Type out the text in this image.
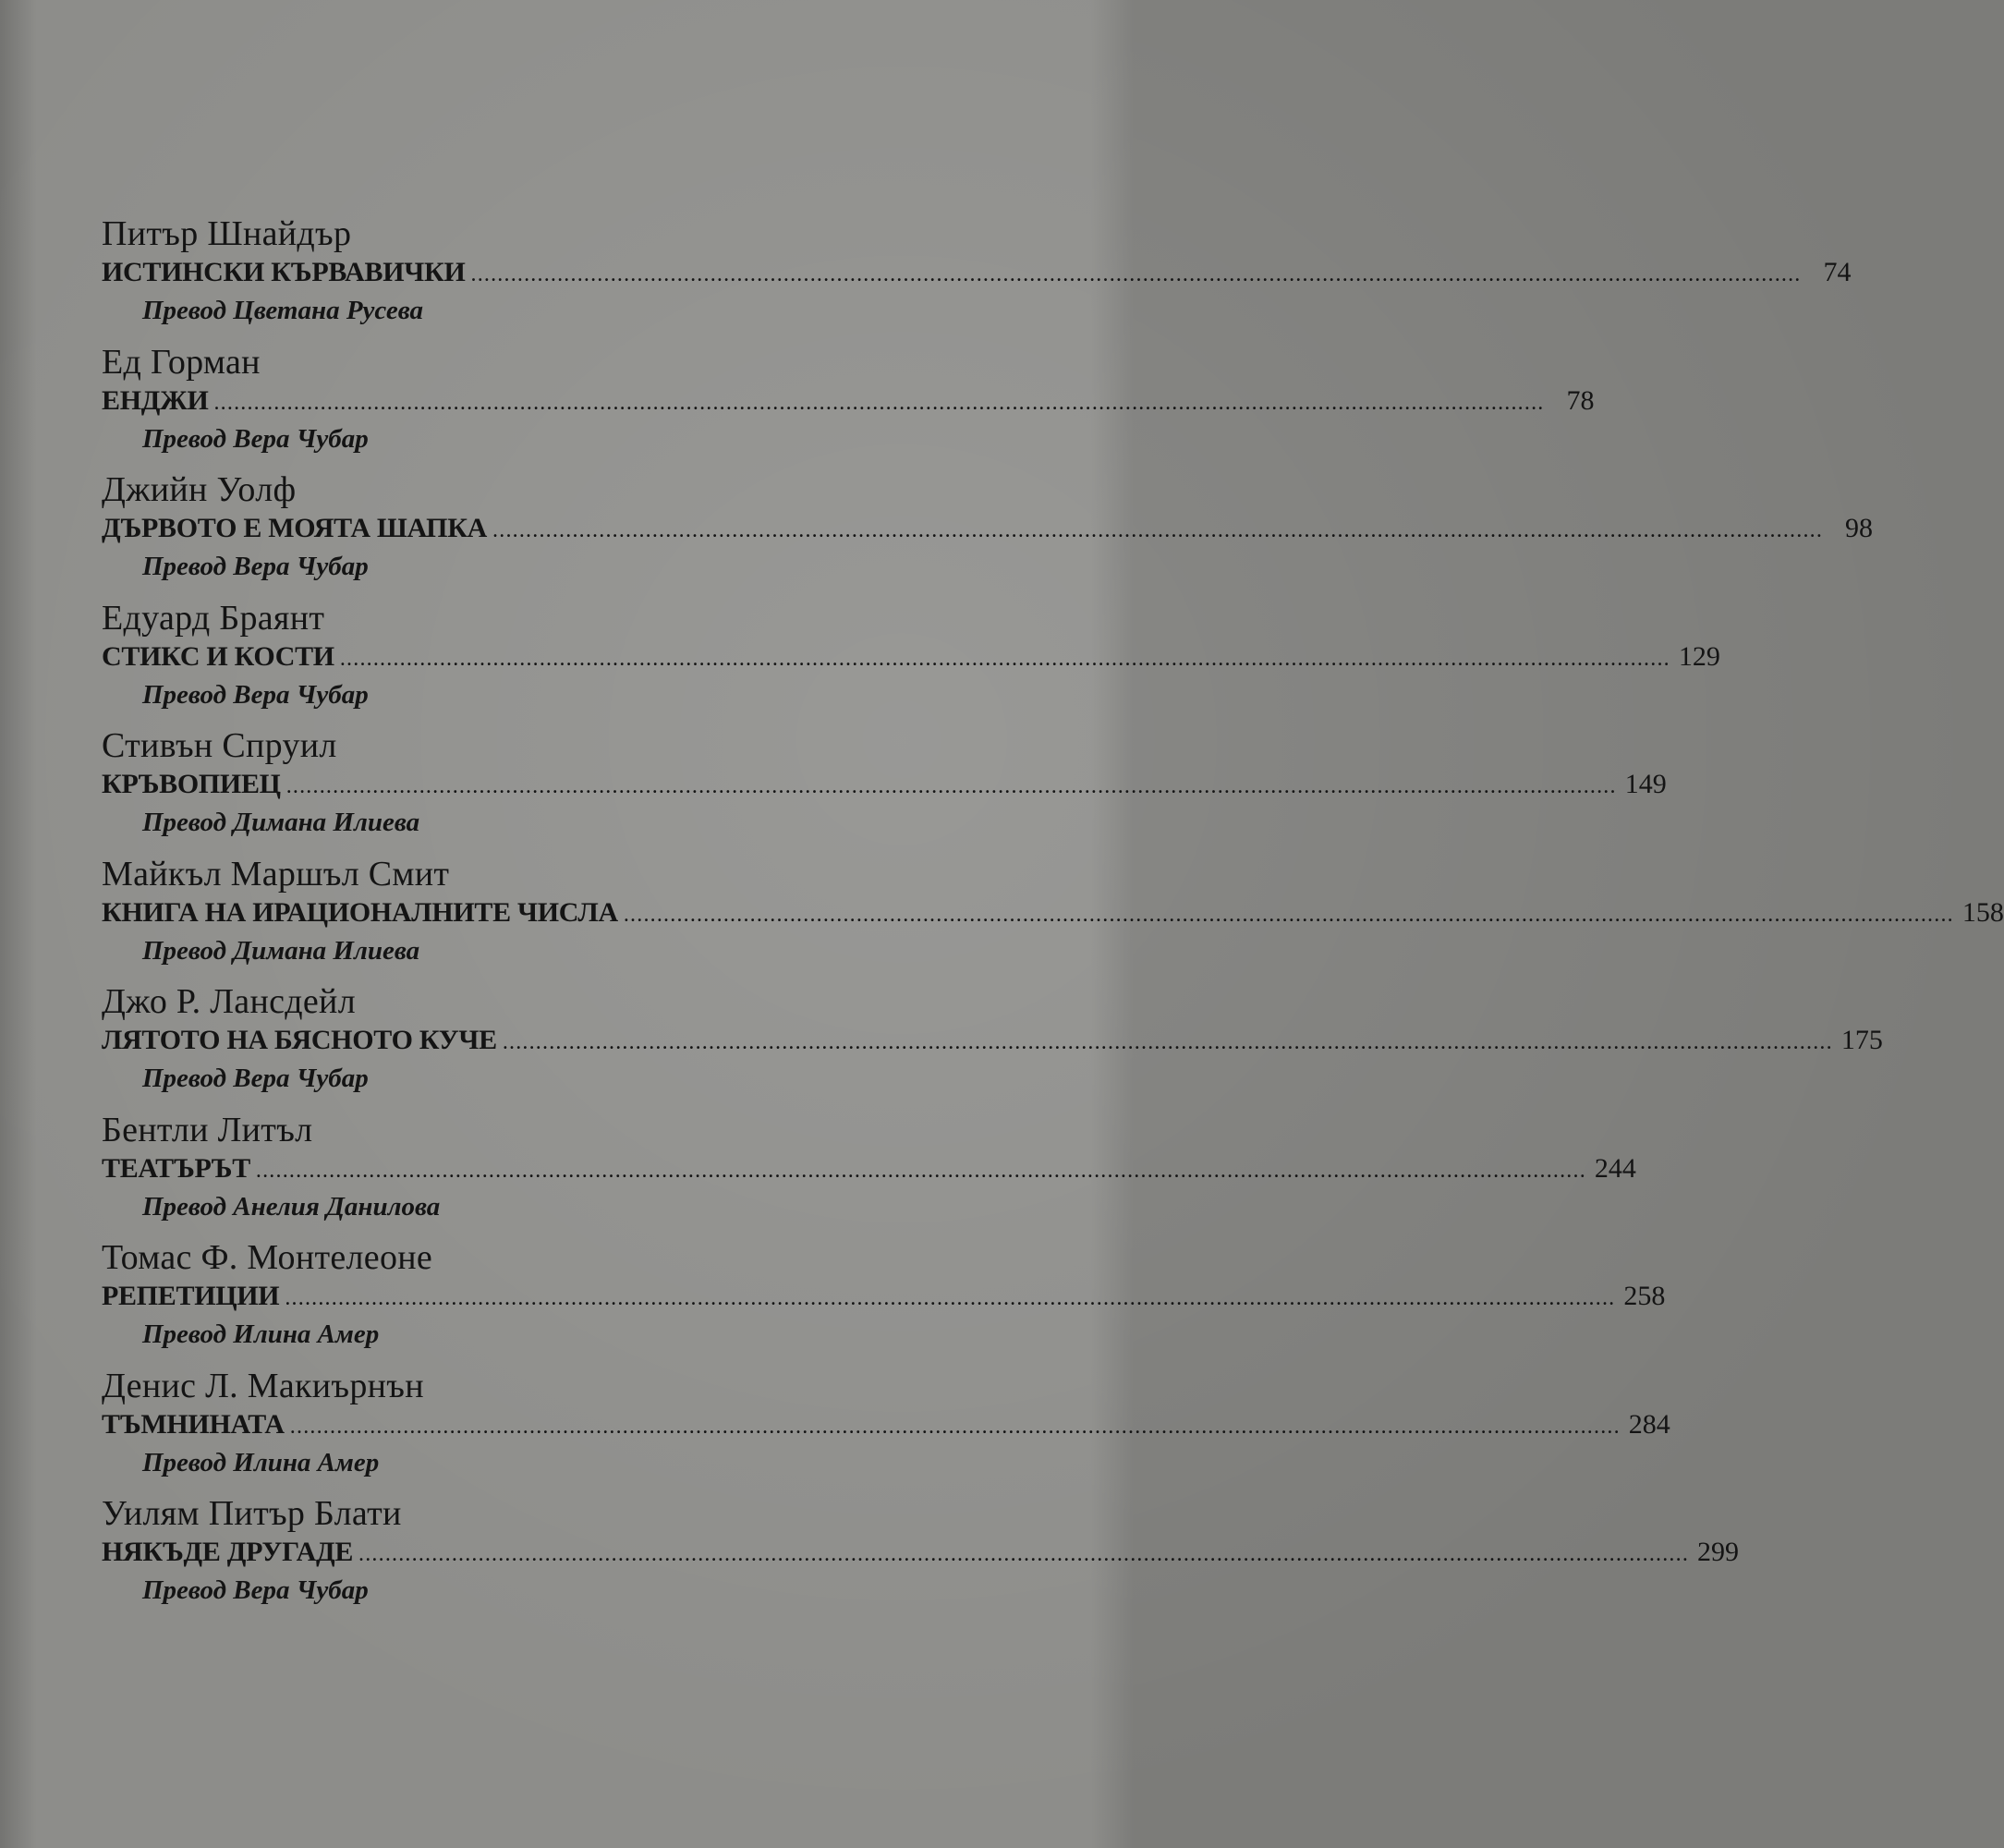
Питър Шнайдър
ИСТИНСКИ КЪРВАВИЧКИ ........................................................................................................................................................................................................ 74
Превод Цветана Русева
Ед Горман
ЕНДЖИ ........................................................................................................................................................................................................ 78
Превод Вера Чубар
Джийн Уолф
ДЪРВОТО Е МОЯТА ШАПКА ........................................................................................................................................................................................................ 98
Превод Вера Чубар
Едуард Браянт
СТИКС И КОСТИ ........................................................................................................................................................................................................ 129
Превод Вера Чубар
Стивън Спруил
КРЪВОПИЕЦ ........................................................................................................................................................................................................ 149
Превод Димана Илиева
Майкъл Маршъл Смит
КНИГА НА ИРАЦИОНАЛНИТЕ ЧИСЛА ........................................................................................................................................................................................................ 158
Превод Димана Илиева
Джо Р. Лансдейл
ЛЯТОТО НА БЯСНОТО КУЧЕ ........................................................................................................................................................................................................ 175
Превод Вера Чубар
Бентли Литъл
ТЕАТЪРЪТ ........................................................................................................................................................................................................ 244
Превод Анелия Данилова
Томас Ф. Монтелеоне
РЕПЕТИЦИИ ........................................................................................................................................................................................................ 258
Превод Илина Амер
Денис Л. Макиърнън
ТЪМНИНАТА ........................................................................................................................................................................................................ 284
Превод Илина Амер
Уилям Питър Блати
НЯКЪДЕ ДРУГАДЕ ........................................................................................................................................................................................................ 299
Превод Вера Чубар
